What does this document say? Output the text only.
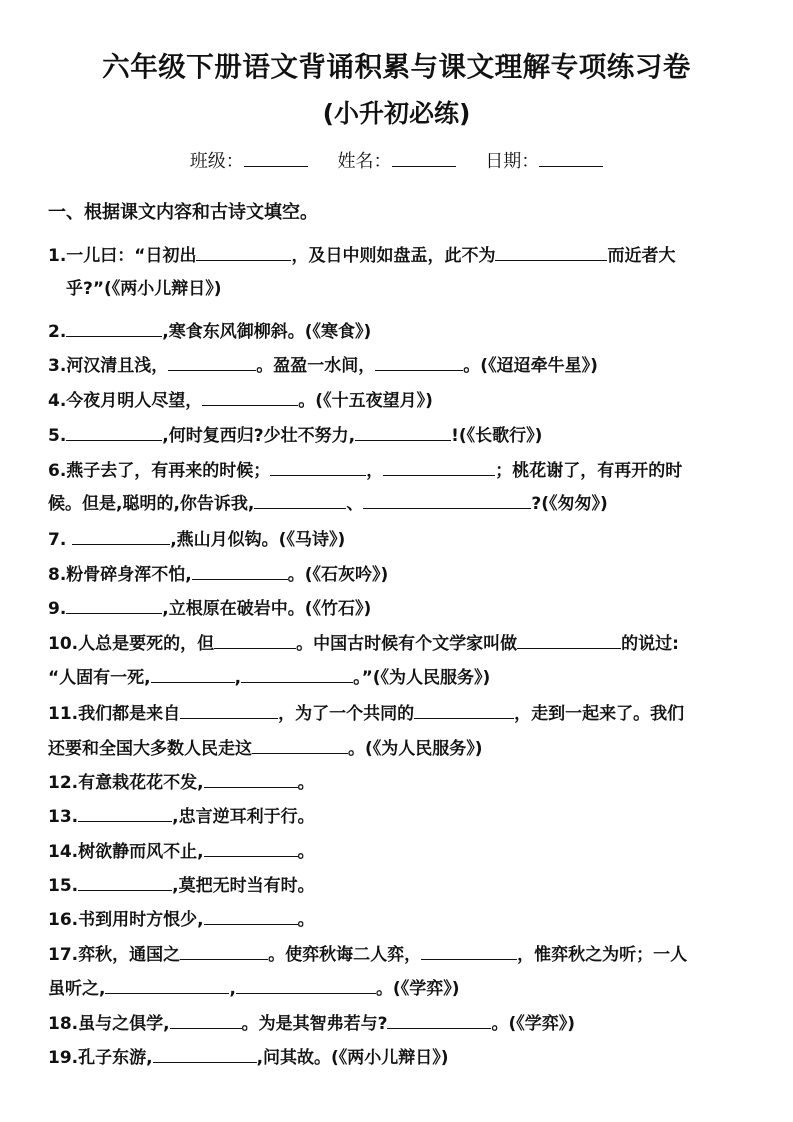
六年级下册语文背诵积累与课文理解专项练习卷
(小升初必练)
班级：	姓名：	日期：
一、根据课文内容和古诗文填空。
1.一儿曰：“日初出	，及日中则如盘盂，此不为	而近者大
乎?”(《两小儿辩日》)
2.	,寒食东风御柳斜。(《寒食》)
3.河汉清且浅，	。盈盈一水间，	。(《迢迢牵牛星》)
4.今夜月明人尽望，	。(《十五夜望月》)
5.	,何时复西归?少壮不努力,	!(《长歌行》)
6.燕子去了，有再来的时候；	，	；桃花谢了，有再开的时
候。但是,聪明的,你告诉我,	、	?(《匆匆》)
7.	,燕山月似钩。(《马诗》)
8.粉骨碎身浑不怕,	。(《石灰吟》)
9.	,立根原在破岩中。(《竹石》)
10.人总是要死的，但	。中国古时候有个文学家叫做	的说过:
“人固有一死,	,	。”(《为人民服务》)
11.我们都是来自	，为了一个共同的	，走到一起来了。我们
还要和全国大多数人民走这	。(《为人民服务》)
12.有意栽花花不发,	。
13.	,忠言逆耳利于行。
14.树欲静而风不止,	。
15.	,莫把无时当有时。
16.书到用时方恨少,	。
17.弈秋，通国之	。使弈秋诲二人弈，	，惟弈秋之为听；一人
虽听之,	,	。(《学弈》)
18.虽与之俱学,	。为是其智弗若与?	。(《学弈》)
19.孔子东游,	,问其故。(《两小儿辩日》)
